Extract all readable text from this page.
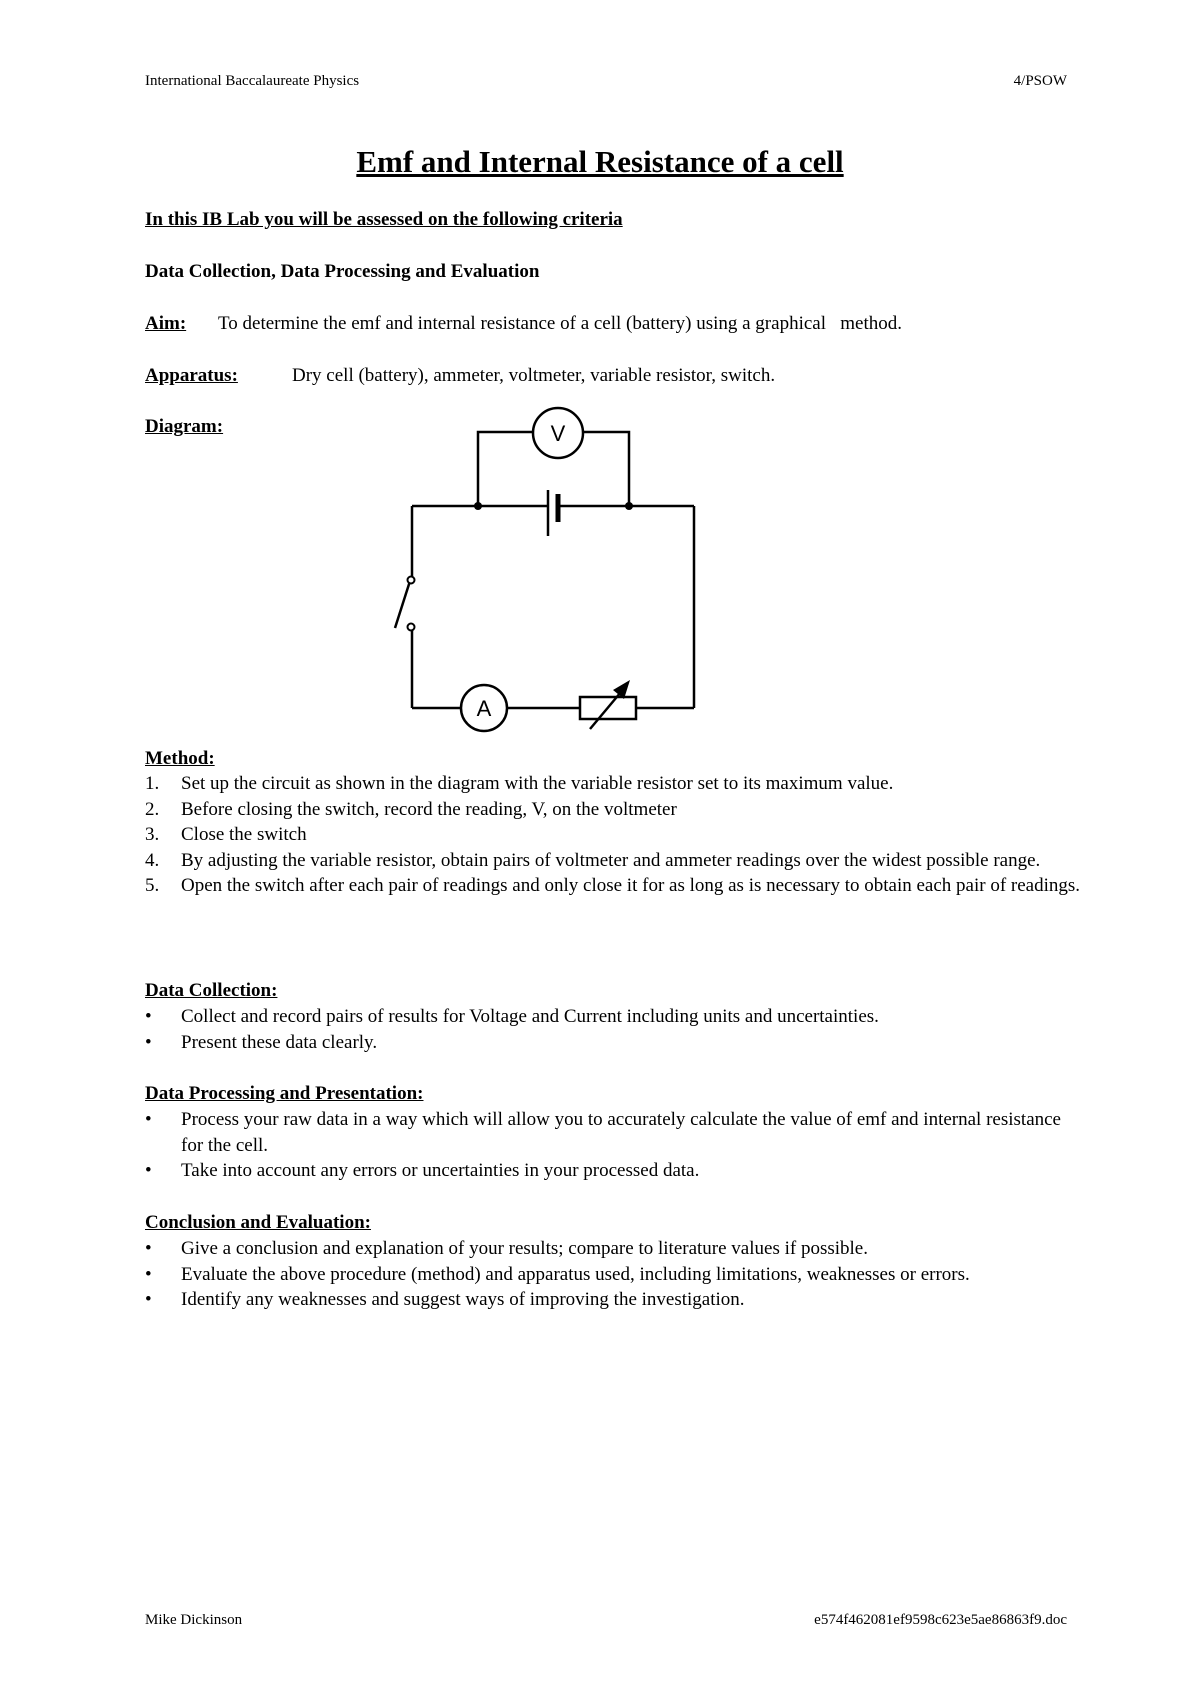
International Baccalaureate Physics	4/PSOW
Emf and Internal Resistance of a cell
In this IB Lab you will be assessed on the following criteria
Data Collection, Data Processing and Evaluation
Aim: To determine the emf and internal resistance of a cell (battery) using a graphical   method.
Apparatus:	Dry cell (battery), ammeter, voltmeter, variable resistor, switch.
Diagram:	V
A
Method:
1.	Set up the circuit as shown in the diagram with the variable resistor set to its maximum value.
2.	Before closing the switch, record the reading, V, on the voltmeter
3.	Close the switch
4.	By adjusting the variable resistor, obtain pairs of voltmeter and ammeter readings over the widest possible range.
5.	Open the switch after each pair of readings and only close it for as long as is necessary to obtain each pair of readings.
Data Collection:
•	Collect and record pairs of results for Voltage and Current including units and uncertainties.
•	Present these data clearly.
Data Processing and Presentation:
•	Process your raw data in a way which will allow you to accurately calculate the value of emf and internal resistance for the cell.
•	Take into account any errors or uncertainties in your processed data.
Conclusion and Evaluation:
•	Give a conclusion and explanation of your results; compare to literature values if possible.
•	Evaluate the above procedure (method) and apparatus used, including limitations, weaknesses or errors.
•	Identify any weaknesses and suggest ways of improving the investigation.
Mike Dickinson	e574f462081ef9598c623e5ae86863f9.doc
